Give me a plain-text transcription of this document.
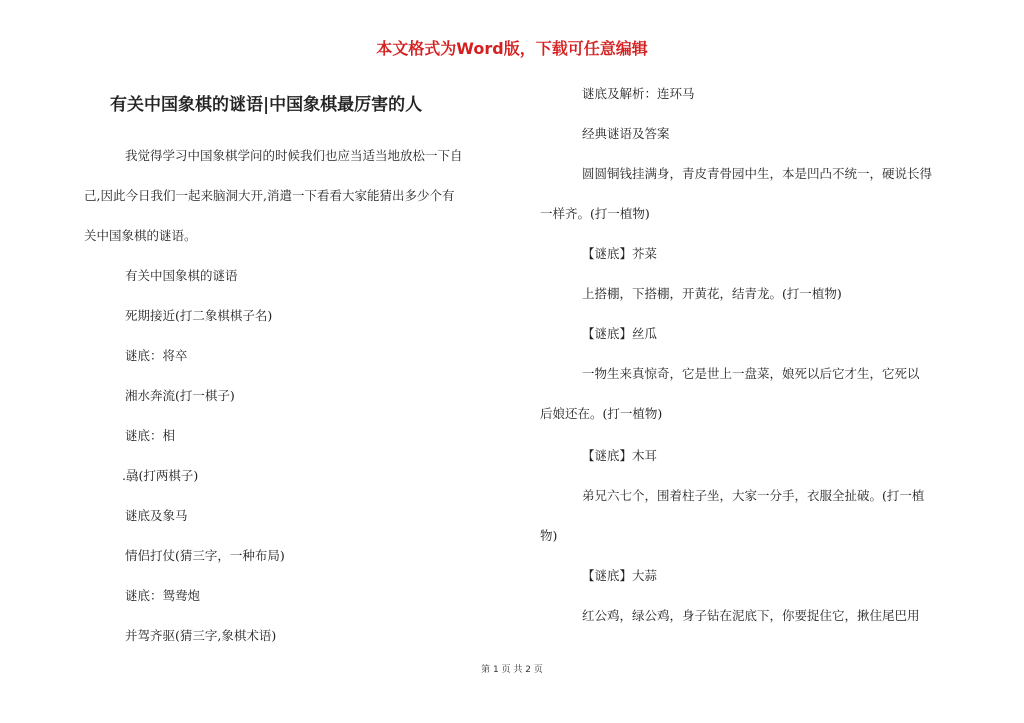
本文格式为Word版，下载可任意编辑
有关中国象棋的谜语|中国象棋最厉害的人
我觉得学习中国象棋学问的时候我们也应当适当地放松一下自
己,因此今日我们一起来脑洞大开,消遣一下看看大家能猜出多少个有
关中国象棋的谜语。
有关中国象棋的谜语
死期接近(打二象棋棋子名)
谜底：将卒
湘水奔流(打一棋子)
谜底：相
.骉(打两棋子)
谜底及象马
情侣打仗(猜三字，一种布局)
谜底：鸳鸯炮
并驾齐驱(猜三字,象棋术语)
谜底及解析：连环马
经典谜语及答案
圆圆铜钱挂满身，青皮青骨园中生，本是凹凸不统一，硬说长得
一样齐。(打一植物)
【谜底】芥菜
上搭棚，下搭棚，开黄花，结青龙。(打一植物)
【谜底】丝瓜
一物生来真惊奇，它是世上一盘菜，娘死以后它才生，它死以
后娘还在。(打一植物)
【谜底】木耳
弟兄六七个，围着柱子坐，大家一分手，衣服全扯破。(打一植
物)
【谜底】大蒜
红公鸡，绿公鸡，身子钻在泥底下，你要捉住它，揪住尾巴用
第 1 页 共 2 页
